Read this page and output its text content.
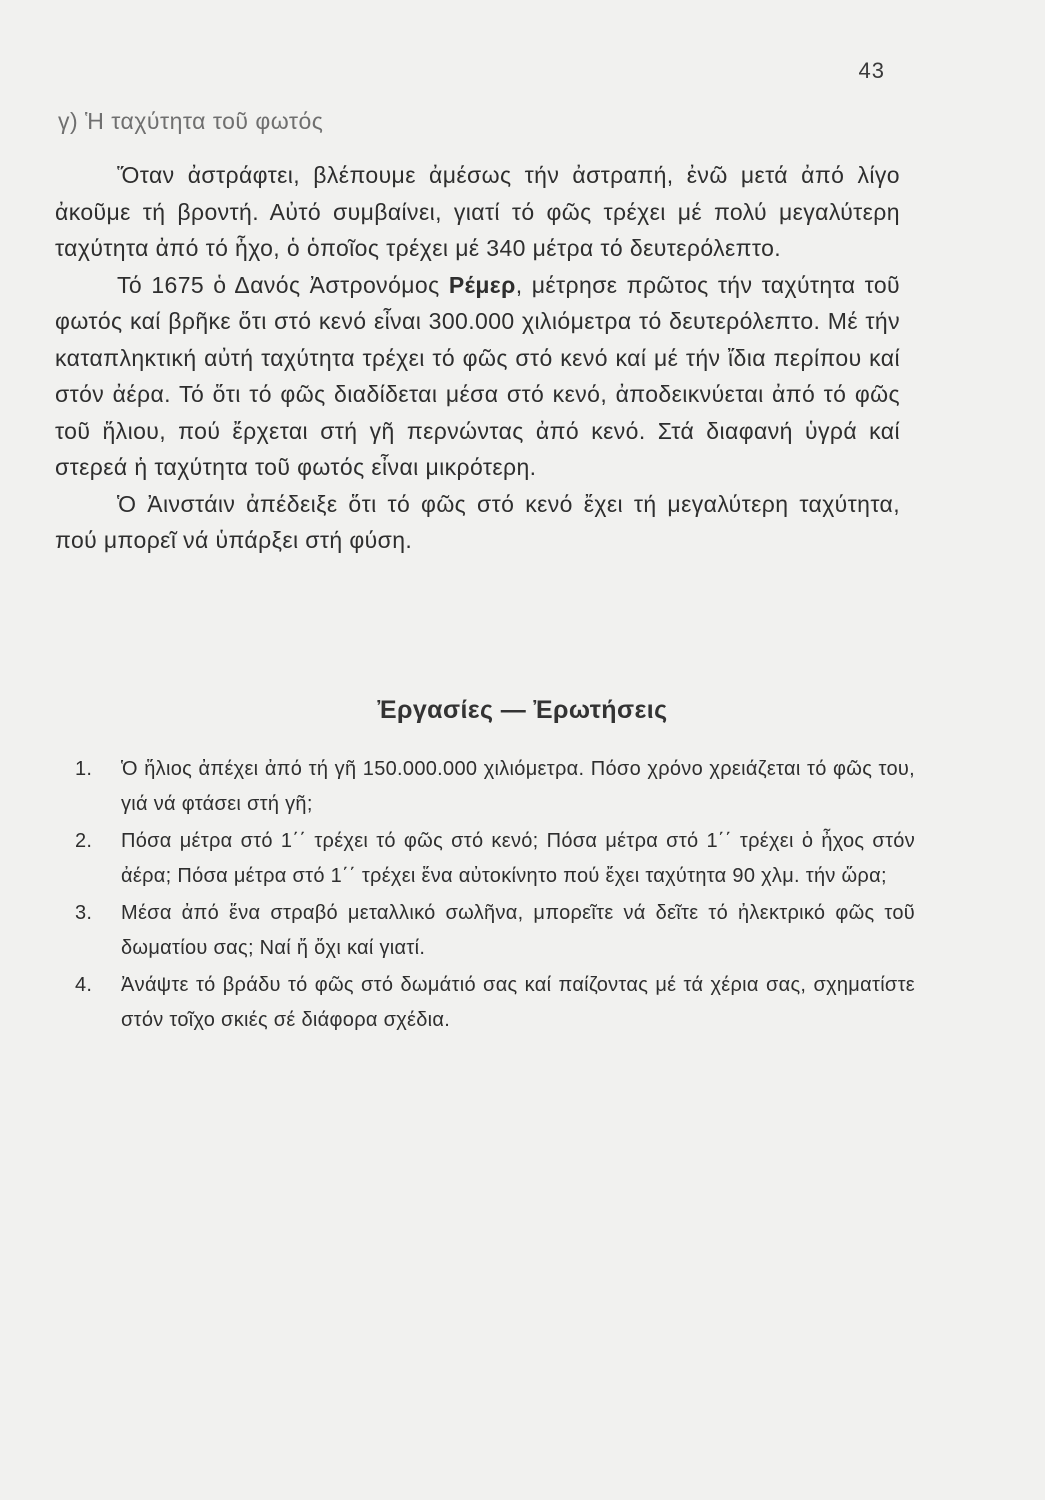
43
γ) Ἡ ταχύτητα τοῦ φωτός

Ὅταν ἀστράφτει, βλέπουμε ἀμέσως τήν ἀστραπή, ἐνῶ μετά ἀπό λίγο ἀκοῦμε τή βροντή. Αὐτό συμβαίνει, γιατί τό φῶς τρέχει μέ πολύ μεγαλύτερη ταχύτητα ἀπό τό ἦχο, ὁ ὁποῖος τρέχει μέ 340 μέτρα τό δευτερόλεπτο.

Τό 1675 ὁ Δανός Ἀστρονόμος Ρέμερ, μέτρησε πρῶτος τήν ταχύτητα τοῦ φωτός καί βρῆκε ὅτι στό κενό εἶναι 300.000 χιλιόμετρα τό δευτερόλεπτο. Μέ τήν καταπληκτική αὐτή ταχύτητα τρέχει τό φῶς στό κενό καί μέ τήν ἴδια περίπου καί στόν ἀέρα. Τό ὅτι τό φῶς διαδίδεται μέσα στό κενό, ἀποδεικνύεται ἀπό τό φῶς τοῦ ἥλιου, πού ἔρχεται στή γῆ περνώντας ἀπό κενό. Στά διαφανή ὑγρά καί στερεά ἡ ταχύτητα τοῦ φωτός εἶναι μικρότερη.

Ὁ Ἀινστάιν ἀπέδειξε ὅτι τό φῶς στό κενό ἔχει τή μεγαλύτερη ταχύτητα, πού μπορεῖ νά ὑπάρξει στή φύση.

Ἐργασίες — Ἐρωτήσεις
1. Ὁ ἥλιος ἀπέχει ἀπό τή γῆ 150.000.000 χιλιόμετρα. Πόσο χρόνο χρειάζεται τό φῶς του, γιά νά φτάσει στή γῆ;
2. Πόσα μέτρα στό 1΄΄ τρέχει τό φῶς στό κενό; Πόσα μέτρα στό 1΄΄ τρέχει ὁ ἦχος στόν ἀέρα; Πόσα μέτρα στό 1΄΄ τρέχει ἕνα αὐτοκίνητο πού ἔχει ταχύτητα 90 χλμ. τήν ὥρα;
3. Μέσα ἀπό ἕνα στραβό μεταλλικό σωλῆνα, μπορεῖτε νά δεῖτε τό ἠλεκτρικό φῶς τοῦ δωματίου σας; Ναί ἤ ὄχι καί γιατί.
4. Ἀνάψτε τό βράδυ τό φῶς στό δωμάτιό σας καί παίζοντας μέ τά χέρια σας, σχηματίστε στόν τοῖχο σκιές σέ διάφορα σχέδια.
